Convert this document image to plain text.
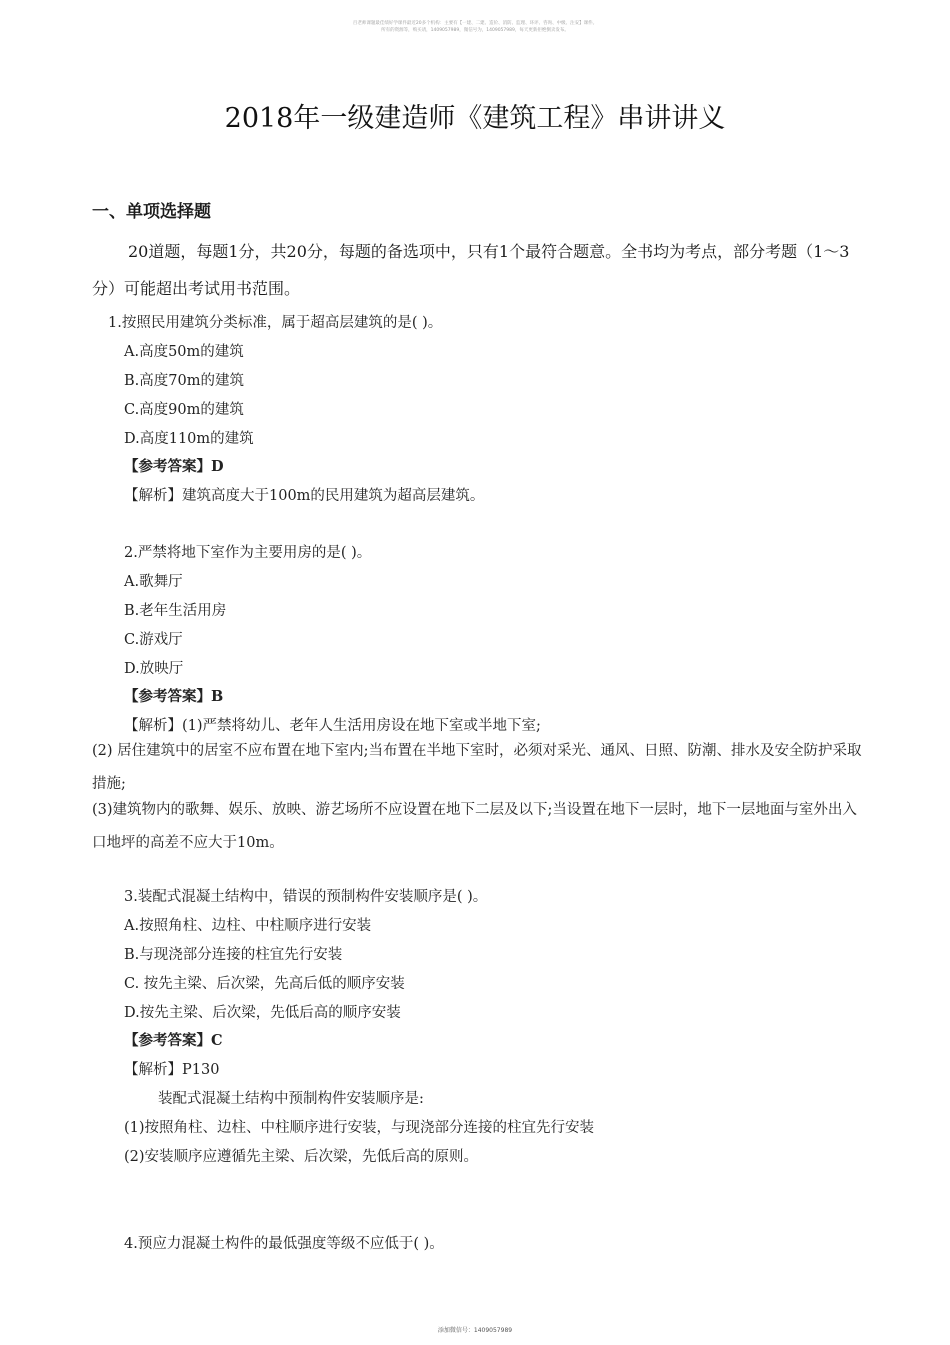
百老师课题最佳绩好学课件最近20多个机构：主要有【一建、二建、造价、消防、监理、环评、咨询、中级、注安】课件。
所有的资源等，购买请，1409057989，微信号为，1409057989，每天更新拒绝倒卖发布。
2018年一级建造师《建筑工程》串讲讲义
一、单项选择题
20道题，每题1分，共20分，每题的备选项中，只有1个最符合题意。全书均为考点，部分考题（1～3分）可能超出考试用书范围。
1.按照民用建筑分类标准，属于超高层建筑的是( )。
A.高度50m的建筑
B.高度70m的建筑
C.高度90m的建筑
D.高度110m的建筑
【参考答案】D
【解析】建筑高度大于100m的民用建筑为超高层建筑。
2.严禁将地下室作为主要用房的是( )。
A.歌舞厅
B.老年生活用房
C.游戏厅
D.放映厅
【参考答案】B
【解析】(1)严禁将幼儿、老年人生活用房设在地下室或半地下室;
(2) 居住建筑中的居室不应布置在地下室内;当布置在半地下室时，必须对采光、通风、日照、防潮、排水及安全防护采取措施;
(3)建筑物内的歌舞、娱乐、放映、游艺场所不应设置在地下二层及以下;当设置在地下一层时，地下一层地面与室外出入口地坪的高差不应大于10m。
3.装配式混凝土结构中，错误的预制构件安装顺序是( )。
A.按照角柱、边柱、中柱顺序进行安装
B.与现浇部分连接的柱宜先行安装
C. 按先主梁、后次梁，先高后低的顺序安装
D.按先主梁、后次梁，先低后高的顺序安装
【参考答案】C
【解析】P130
装配式混凝土结构中预制构件安装顺序是:
(1)按照角柱、边柱、中柱顺序进行安装，与现浇部分连接的柱宜先行安装
(2)安装顺序应遵循先主梁、后次梁，先低后高的原则。
4.预应力混凝土构件的最低强度等级不应低于( )。
添加微信号：1409057989
